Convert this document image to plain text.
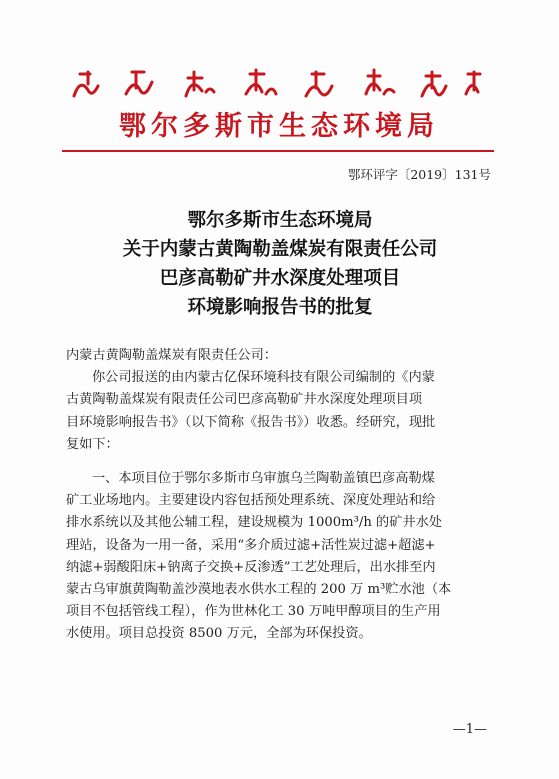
鄂尔多斯市生态环境局
鄂环评字〔2019〕131号
鄂尔多斯市生态环境局
关于内蒙古黄陶勒盖煤炭有限责任公司
巴彦高勒矿井水深度处理项目
环境影响报告书的批复

内蒙古黄陶勒盖煤炭有限责任公司：

你公司报送的由内蒙古亿保环境科技有限公司编制的《内蒙

古黄陶勒盖煤炭有限责任公司巴彦高勒矿井水深度处理项目项

目环境影响报告书》（以下简称《报告书》）收悉。经研究，现批

复如下：

一、本项目位于鄂尔多斯市乌审旗乌兰陶勒盖镇巴彦高勒煤

矿工业场地内。主要建设内容包括预处理系统、深度处理站和给

排水系统以及其他公辅工程，建设规模为 1000m³/h 的矿井水处

理站，设备为一用一备，采用“多介质过滤+活性炭过滤+超滤+

纳滤+弱酸阳床+钠离子交换+反渗透”工艺处理后，出水排至内

蒙古乌审旗黄陶勒盖沙漠地表水供水工程的 200 万 m³贮水池（本

项目不包括管线工程），作为世林化工 30 万吨甲醇项目的生产用

水使用。项目总投资 8500 万元，全部为环保投资。

—1—
